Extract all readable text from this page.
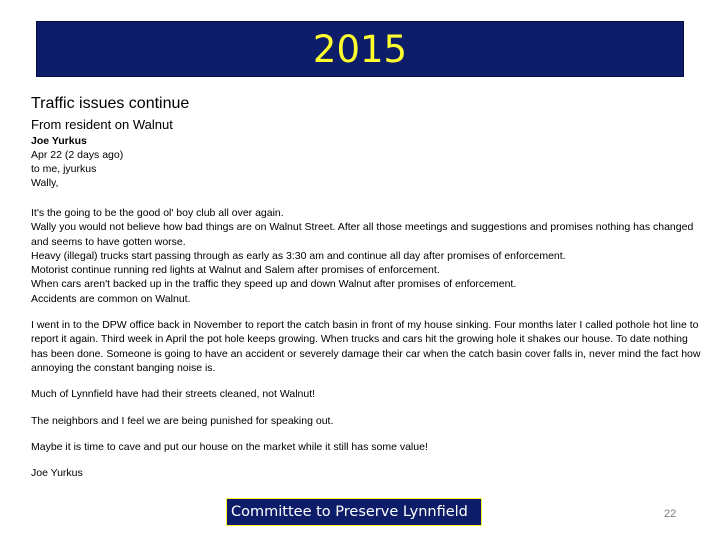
2015
Traffic issues continue
From resident on Walnut
Joe Yurkus
Apr 22 (2 days ago)
to me, jyurkus
Wally,

It's the going to be the good ol' boy club all over again.

Wally you would not believe how bad things are on Walnut Street. After all those meetings and suggestions and promises nothing has changed and seems to have gotten worse.

Heavy (illegal) trucks start passing through as early as 3:30 am and continue all day after promises of enforcement.

Motorist continue running red lights at Walnut and Salem after promises of enforcement.

When cars aren't backed up in the traffic they speed up and down Walnut after promises of enforcement.

Accidents are common on Walnut.

I went in to the DPW office back in November to report the catch basin in front of my house sinking. Four months later I called pothole hot line to report it again. Third week in April the pot hole keeps growing. When trucks and cars hit the growing hole it shakes our house. To date nothing has been done. Someone is going to have an accident or severely damage their car when the catch basin cover falls in, never mind the fact how annoying the constant banging noise is.

Much of Lynnfield have had their streets cleaned, not Walnut!

The neighbors and I feel we are being punished for speaking out.

Maybe it is time to cave and put our house on the market while it still has some value!

Joe Yurkus

Committee to Preserve Lynnfield	22
